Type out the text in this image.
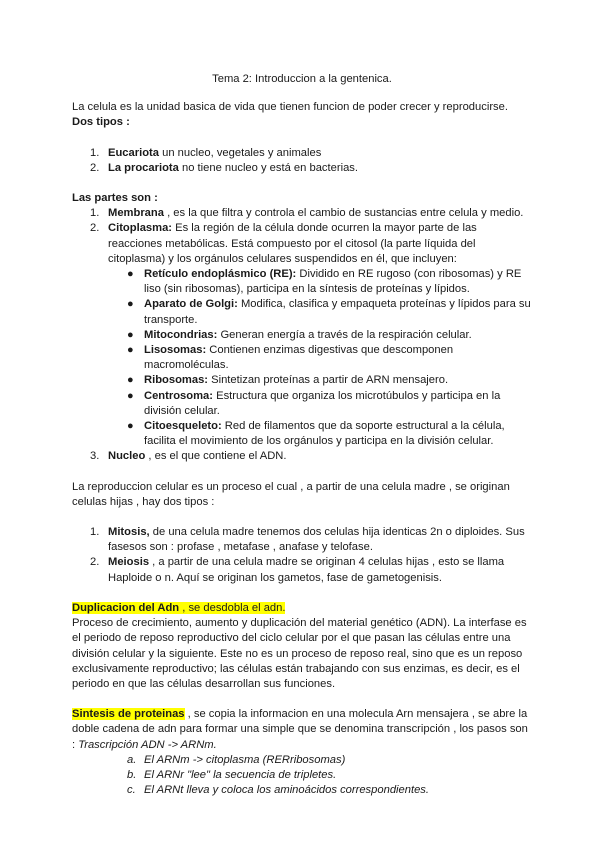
Tema 2: Introduccion a la gentenica.

La celula es la unidad basica de vida que tienen funcion de poder crecer y reproducirse.

Dos tipos :

1. Eucariota un nucleo, vegetales y animales
2. La procariota no tiene nucleo y está en bacterias.

Las partes son :

1. Membrana , es la que filtra y controla el cambio de sustancias entre celula y medio.
2. Citoplasma: Es la región de la célula donde ocurren la mayor parte de las reacciones metabólicas. Está compuesto por el citosol (la parte líquida del citoplasma) y los orgánulos celulares suspendidos en él, que incluyen:
● Retículo endoplásmico (RE): Dividido en RE rugoso (con ribosomas) y RE liso (sin ribosomas), participa en la síntesis de proteínas y lípidos.
● Aparato de Golgi: Modifica, clasifica y empaqueta proteínas y lípidos para su transporte.
● Mitocondrias: Generan energía a través de la respiración celular.
● Lisosomas: Contienen enzimas digestivas que descomponen macromoléculas.
● Ribosomas: Sintetizan proteínas a partir de ARN mensajero.
● Centrosoma: Estructura que organiza los microtúbulos y participa en la división celular.
● Citoesqueleto: Red de filamentos que da soporte estructural a la célula, facilita el movimiento de los orgánulos y participa en la división celular.
3. Nucleo , es el que contiene el ADN.

La reproduccion celular es un proceso el cual , a partir de una celula madre , se originan celulas hijas , hay dos tipos :

1. Mitosis, de una celula madre tenemos dos celulas hija identicas 2n o diploides. Sus fasesos son : profase , metafase , anafase y telofase.
2. Meiosis , a partir de una celula madre se originan 4 celulas hijas , esto se llama Haploide o n. Aquí se originan los gametos, fase de gametogenisis.

Duplicacion del Adn , se desdobla el adn.

Proceso de crecimiento, aumento y duplicación del material genético (ADN). La interfase es el periodo de reposo reproductivo del ciclo celular por el que pasan las células entre una división celular y la siguiente. Este no es un proceso de reposo real, sino que es un reposo exclusivamente reproductivo; las células están trabajando con sus enzimas, es decir, es el periodo en que las células desarrollan sus funciones.

Sintesis de proteinas , se copia la informacion en una molecula Arn mensajera , se abre la doble cadena de adn para formar una simple que se denomina transcripción , los pasos son : Trascripción ADN -> ARNm.

a. El ARNm -> citoplasma (RERribosomas)
b. El ARNr "lee" la secuencia de tripletes.
c. El ARNt lleva y coloca los aminoácidos correspondientes.
